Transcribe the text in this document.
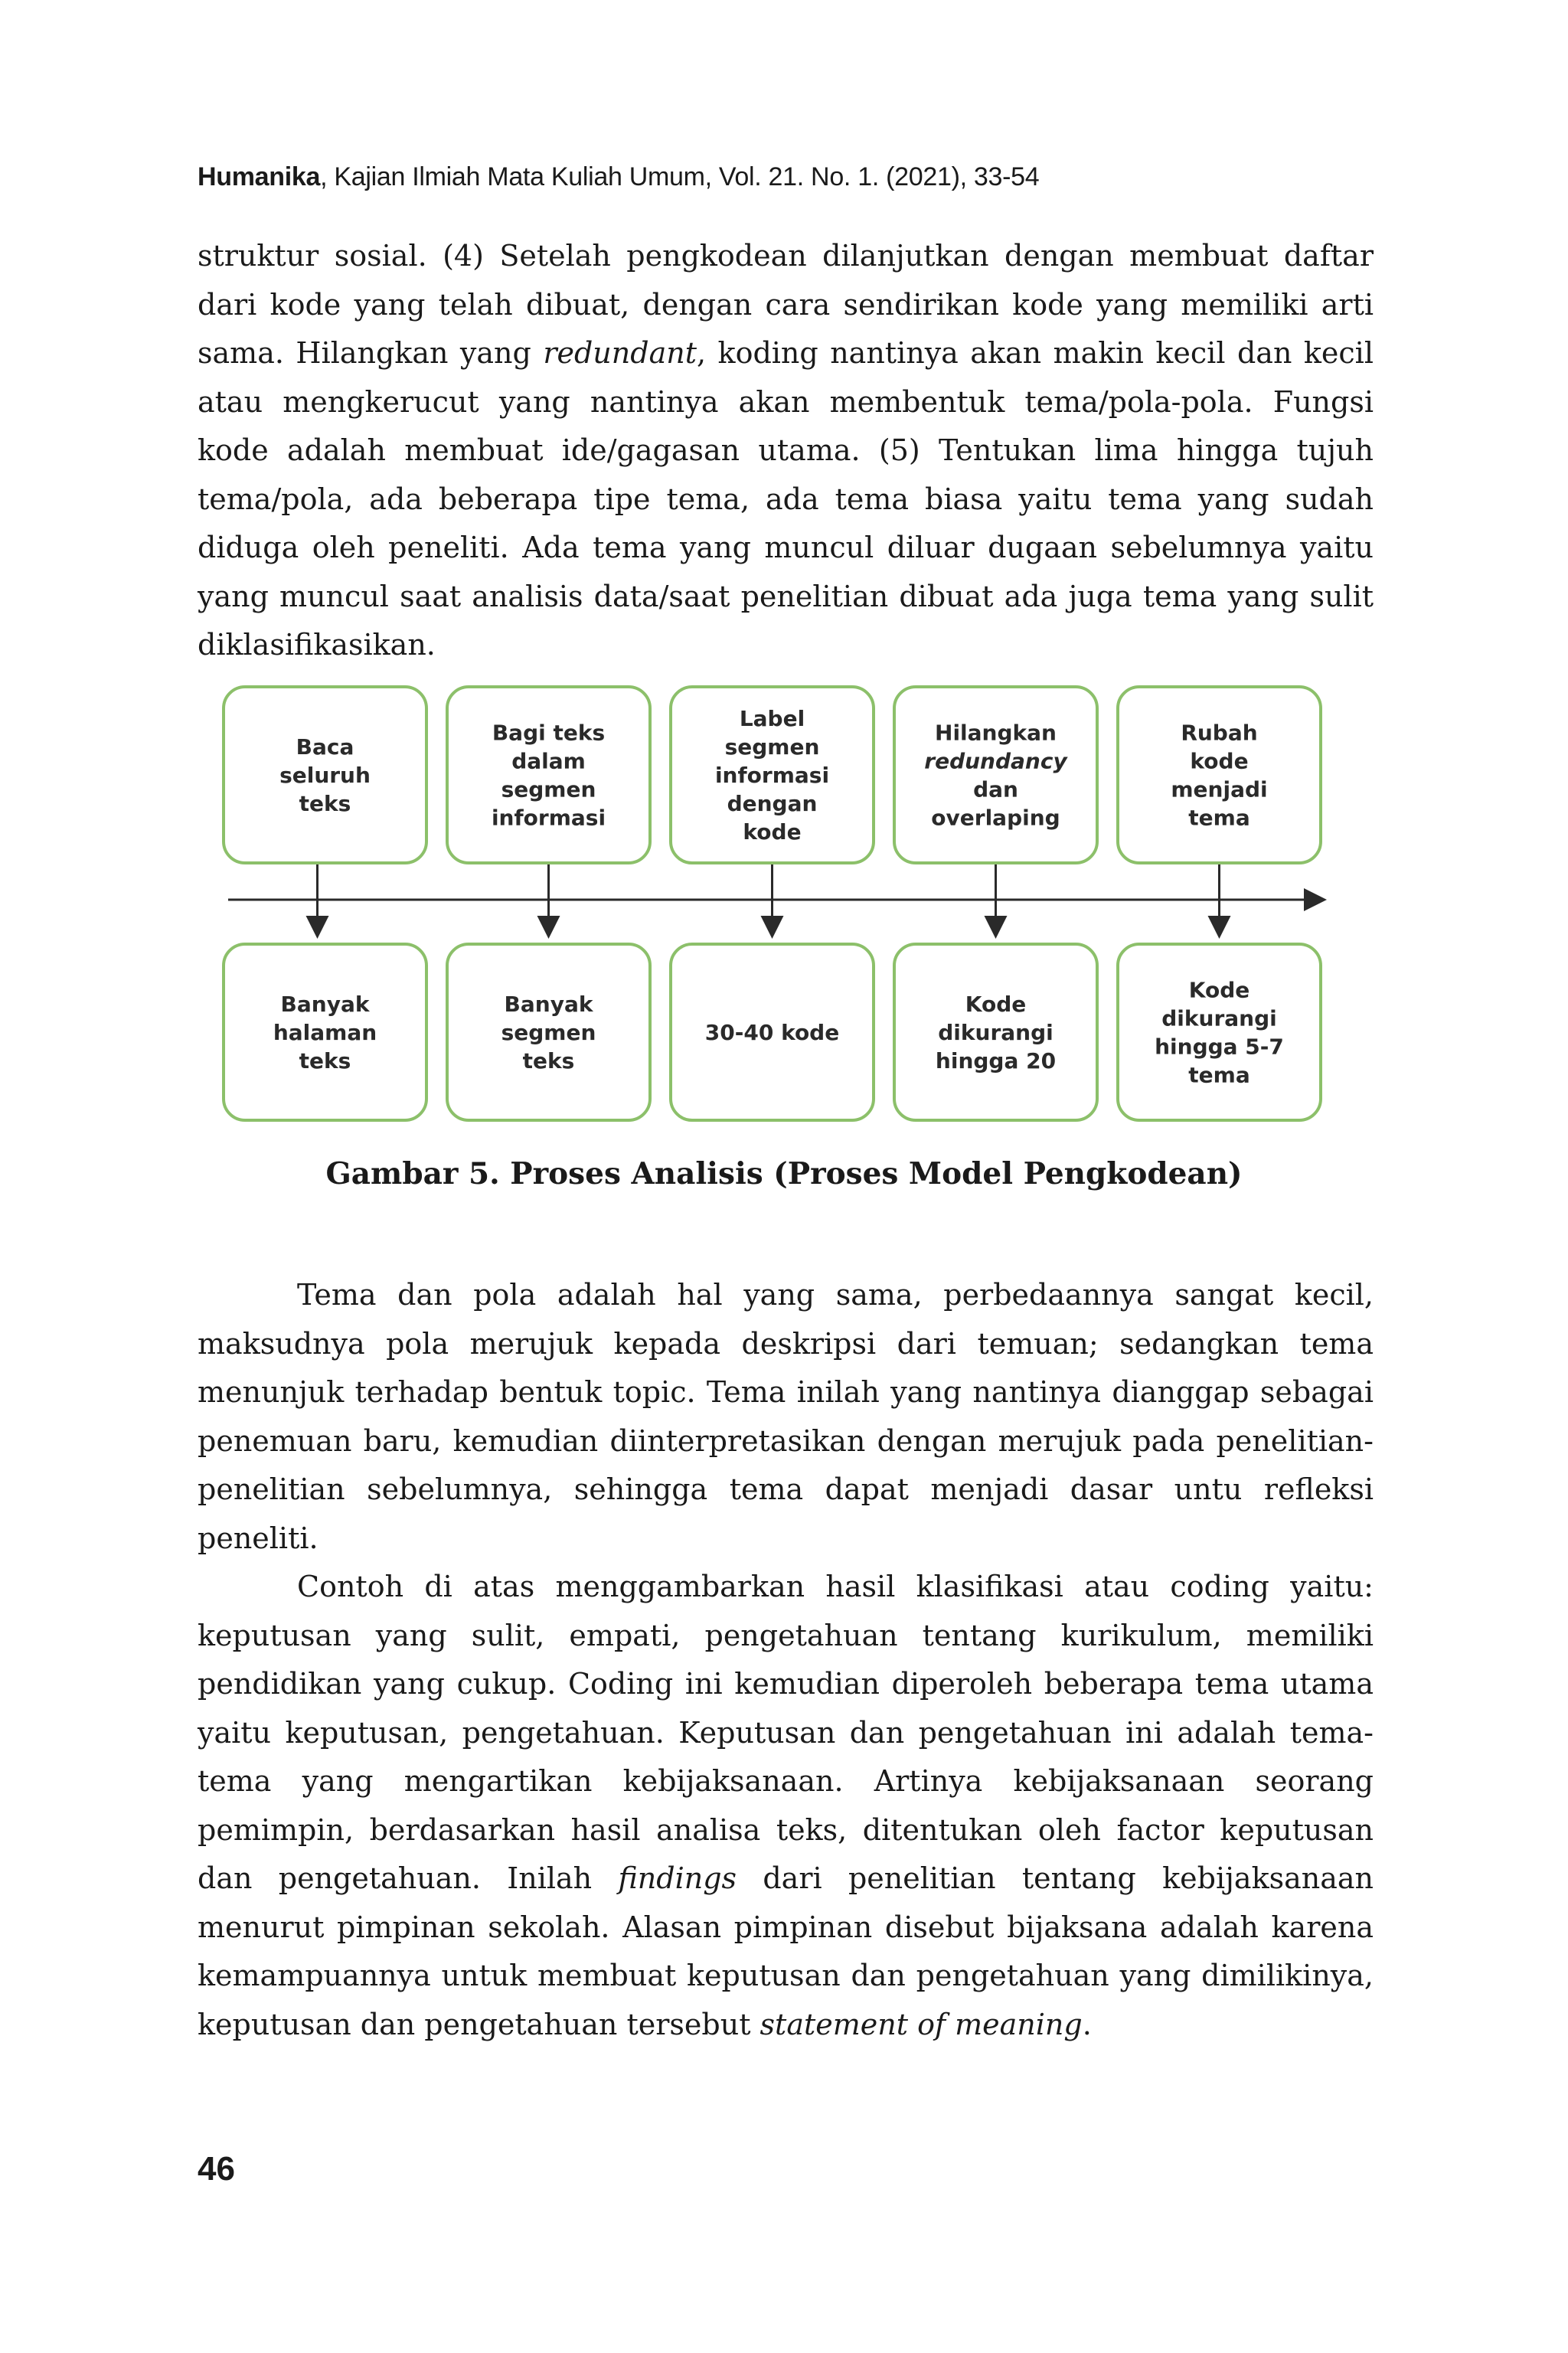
Humanika, Kajian Ilmiah Mata Kuliah Umum, Vol. 21. No. 1. (2021), 33-54

struktur sosial. (4) Setelah pengkodean dilanjutkan dengan membuat daftar dari kode yang telah dibuat, dengan cara sendirikan kode yang memiliki arti sama. Hilangkan yang redundant, koding nantinya akan makin kecil dan kecil atau mengkerucut yang nantinya akan membentuk tema/pola-pola. Fungsi kode adalah membuat ide/gagasan utama. (5) Tentukan lima hingga tujuh tema/pola, ada beberapa tipe tema, ada tema biasa yaitu tema yang sudah diduga oleh peneliti. Ada tema yang muncul diluar dugaan sebelumnya yaitu yang muncul saat analisis data/saat penelitian dibuat ada juga tema yang sulit diklasifikasikan.

Baca
seluruh
teks
Bagi teks
dalam
segmen
informasi
Label
segmen
informasi
dengan
kode
Hilangkan
redundancy
dan
overlaping
Rubah
kode
menjadi
tema
Banyak
halaman
teks
Banyak
segmen
teks
30-40 kode
Kode
dikurangi
hingga 20
Kode
dikurangi
hingga 5-7
tema
Gambar 5. Proses Analisis (Proses Model Pengkodean)

Tema dan pola adalah hal yang sama, perbedaannya sangat kecil, maksudnya pola merujuk kepada deskripsi dari temuan; sedangkan tema menunjuk terhadap bentuk topic. Tema inilah yang nantinya dianggap sebagai penemuan baru, kemudian diinterpretasikan dengan merujuk pada penelitian-penelitian sebelumnya, sehingga tema dapat menjadi dasar untu refleksi peneliti.

Contoh di atas menggambarkan hasil klasifikasi atau coding yaitu: keputusan yang sulit, empati, pengetahuan tentang kurikulum, memiliki pendidikan yang cukup. Coding ini kemudian diperoleh beberapa tema utama yaitu keputusan, pengetahuan. Keputusan dan pengetahuan ini adalah tema-tema yang mengartikan kebijaksanaan. Artinya kebijaksanaan seorang pemimpin, berdasarkan hasil analisa teks, ditentukan oleh factor keputusan dan pengetahuan. Inilah findings dari penelitian tentang kebijaksanaan menurut pimpinan sekolah. Alasan pimpinan disebut bijaksana adalah karena kemampuannya untuk membuat keputusan dan pengetahuan yang dimilikinya, keputusan dan pengetahuan tersebut statement of meaning.

46
